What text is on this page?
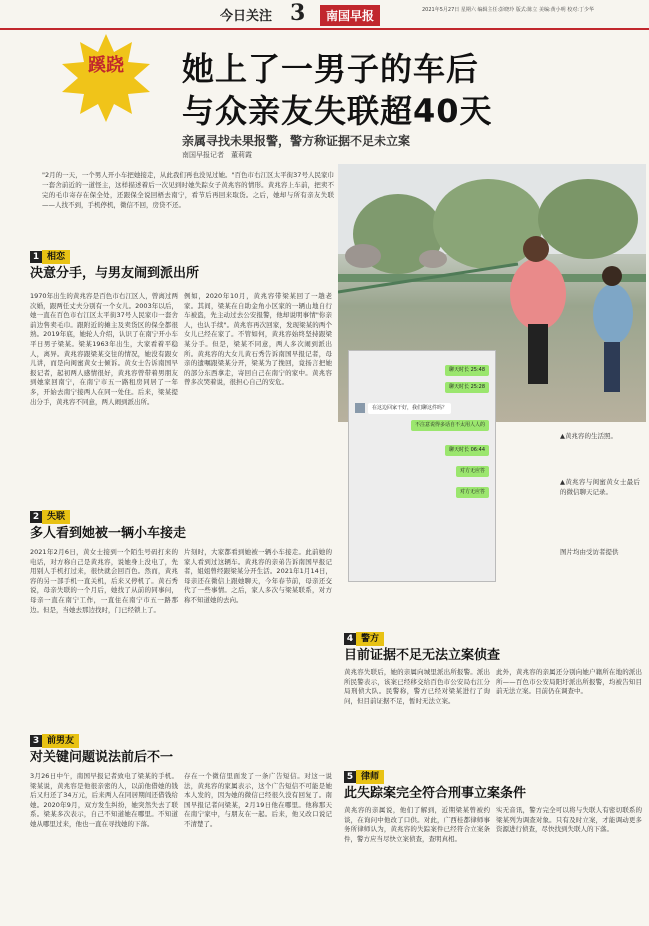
今日关注 3	南国早报	2021年5月27日 星期六 编辑主任:彭晓玲 版式:陈立 美编:黄小明 校对:丁少华
蹊跷 她上了一男子的车后
与众亲友失联超40天
亲属寻找未果报警，警方称证据不足未立案
南国早报记者　董莉霞
"2月的一天，一个男人开小车把她接走，从此我们再也没见过她。"百色市右江区太平街37号人民家巾一套舍前近的一道怪主，这样描述着后一次见到时她失踪女子黄兆容的情形。黄兆容上车前，把卖不完的毛巾寄存在保全处，还跟保全说回梧去南宁，看节后再回来取货。之后，她却与所有亲友失联——人找不到，手机停机，微信不回，房贷不还。
1 相恋
决意分手，与男友闹到派出所
1970年出生的黄兆容是百色市右江区人，曾离过两次婚，跟两任丈夫分别有一个女儿。2003年以后，她一直在百色市右江区太平街37号人民家巾一套舍前边售卖毛巾。跟附近的摊主及卖货区的保全都很熟。2019年底，她轮人介绍，认识了在南宁开小车平日男子梁某。梁某1963年出生，大家看着平稳人，离异。黄兆容跟梁某交往的情况，她没有跟女儿讲，而是向闺蜜黄女士倾诉。黄女士告诉南国早报记者，起初两人感情很好，黄兆容曾带着男朋友到她家回南宁，在南宁市五一路租房同居了一年多，开始去南宁接两人在同一处住。后来，梁某提出分手，黄兆容不同意，两人闹到派出所。
例如，2020年10月，黄兆容带梁某回了一趟老家。其间，梁某在自助金角小区家的一辆山地自行车被盗，先主动过去公安报警，他却说明事情"你亲人，也认手续"。黄兆容再次回家，发现梁某的两个女儿已经在家了。不管如何，黄兆容始终坚持跟梁某分手。但是，梁某不同意，两人多次闹到派出所。黄兆容的大女儿黄石秀告诉南国早报记者，母亲的遗嘱跟梁某分开，梁某为了挽回，竟扬言把她的部分东西拿走，寄回自己在南宁的家中。黄兆容曾多次哭着说，很担心自己的安危。
聊天时长 25:48
聊天时长 25:28
在这边回家干好，我们聊这件吗？
不注意说得多话自不太用人人的
聊天时长 06:44
对方无应答
对方无应答
▲黄兆容的生活照。
▲黄兆容与闺蜜黄女士最后的微信聊天记录。
图片均由受访者提供
2 失联
多人看到她被一辆小车接走
2021年2月6日，黄女士接到一个陌生号码打来的电话，对方称自己是黄兆容，说她身上没电了，先用别人手机打过来，很快就会回百色。然而，黄兆容的另一部手机一直关机，后来又停机了。黄石秀说，母亲失联的一个月后，她找了从前的同事问，母亲一直在南宁工作，一直住在南宁市五一路那边。但是，当她去那边找时，门已经锁上了。
片刻时，大家都看到她被一辆小车接走。此前她的家人看到过这辆车。黄兆容的亲弟告诉南国早报记者，姐姐曾经跟梁某分开生活。2021年1月14日，母亲还在微信上跟她聊天，今年春节前，母亲还交代了一些事情。之后，家人多次与梁某联系，对方称不知道她的去向。
3 前男友
对关键问题说法前后不一
3月26日中午，南国早报记者致电了梁某的手机。梁某说，黄兆容是他很亲密的人，以前他借她的钱后又归还了34万元，后来两人在同居期间还借钱给她。2020年9月，双方发生纠纷，她突然失去了联系。梁某多次表示，自己不知道她在哪里。不知道她从哪里过来，他也一直在寻找她的下落。
存在一个微信里面发了一条广告短信。对这一说法，黄兆容的家属表示，这个广告短信不可能是她本人发的，因为她的微信已经很久没有回复了。南国早报记者问梁某，2月19日他在哪里。他称那天在南宁家中，与朋友在一起。后来，他又改口说记不清楚了。
4 警方
目前证据不足无法立案侦查
黄兆容失联后，她的亲属向城里派出所报警。派出所民警表示，该案已经移交给百色市公安局右江分局刑侦大队。民警称，警方已经对梁某进行了询问，但目前证据不足，暂时无法立案。
此外，黄兆容的亲属还分别向她户籍所在地的派出所——百色市公安局阳圩派出所报警，均被告知目前无法立案。目前仍在调查中。
5 律师
此失踪案完全符合刑事立案条件
黄兆容的亲属说，他们了解到，近期梁某曾被约谈，在询问中他改了口供。对此，广西桂都律师事务所律师认为，黄兆容的失踪案件已经符合立案条件，警方应当尽快立案侦查，查明真相。
实无音讯，警方完全可以将与失联人有密切联系的梁某列为调查对象。只有及时立案，才能调动更多资源进行侦查，尽快找到失联人的下落。
